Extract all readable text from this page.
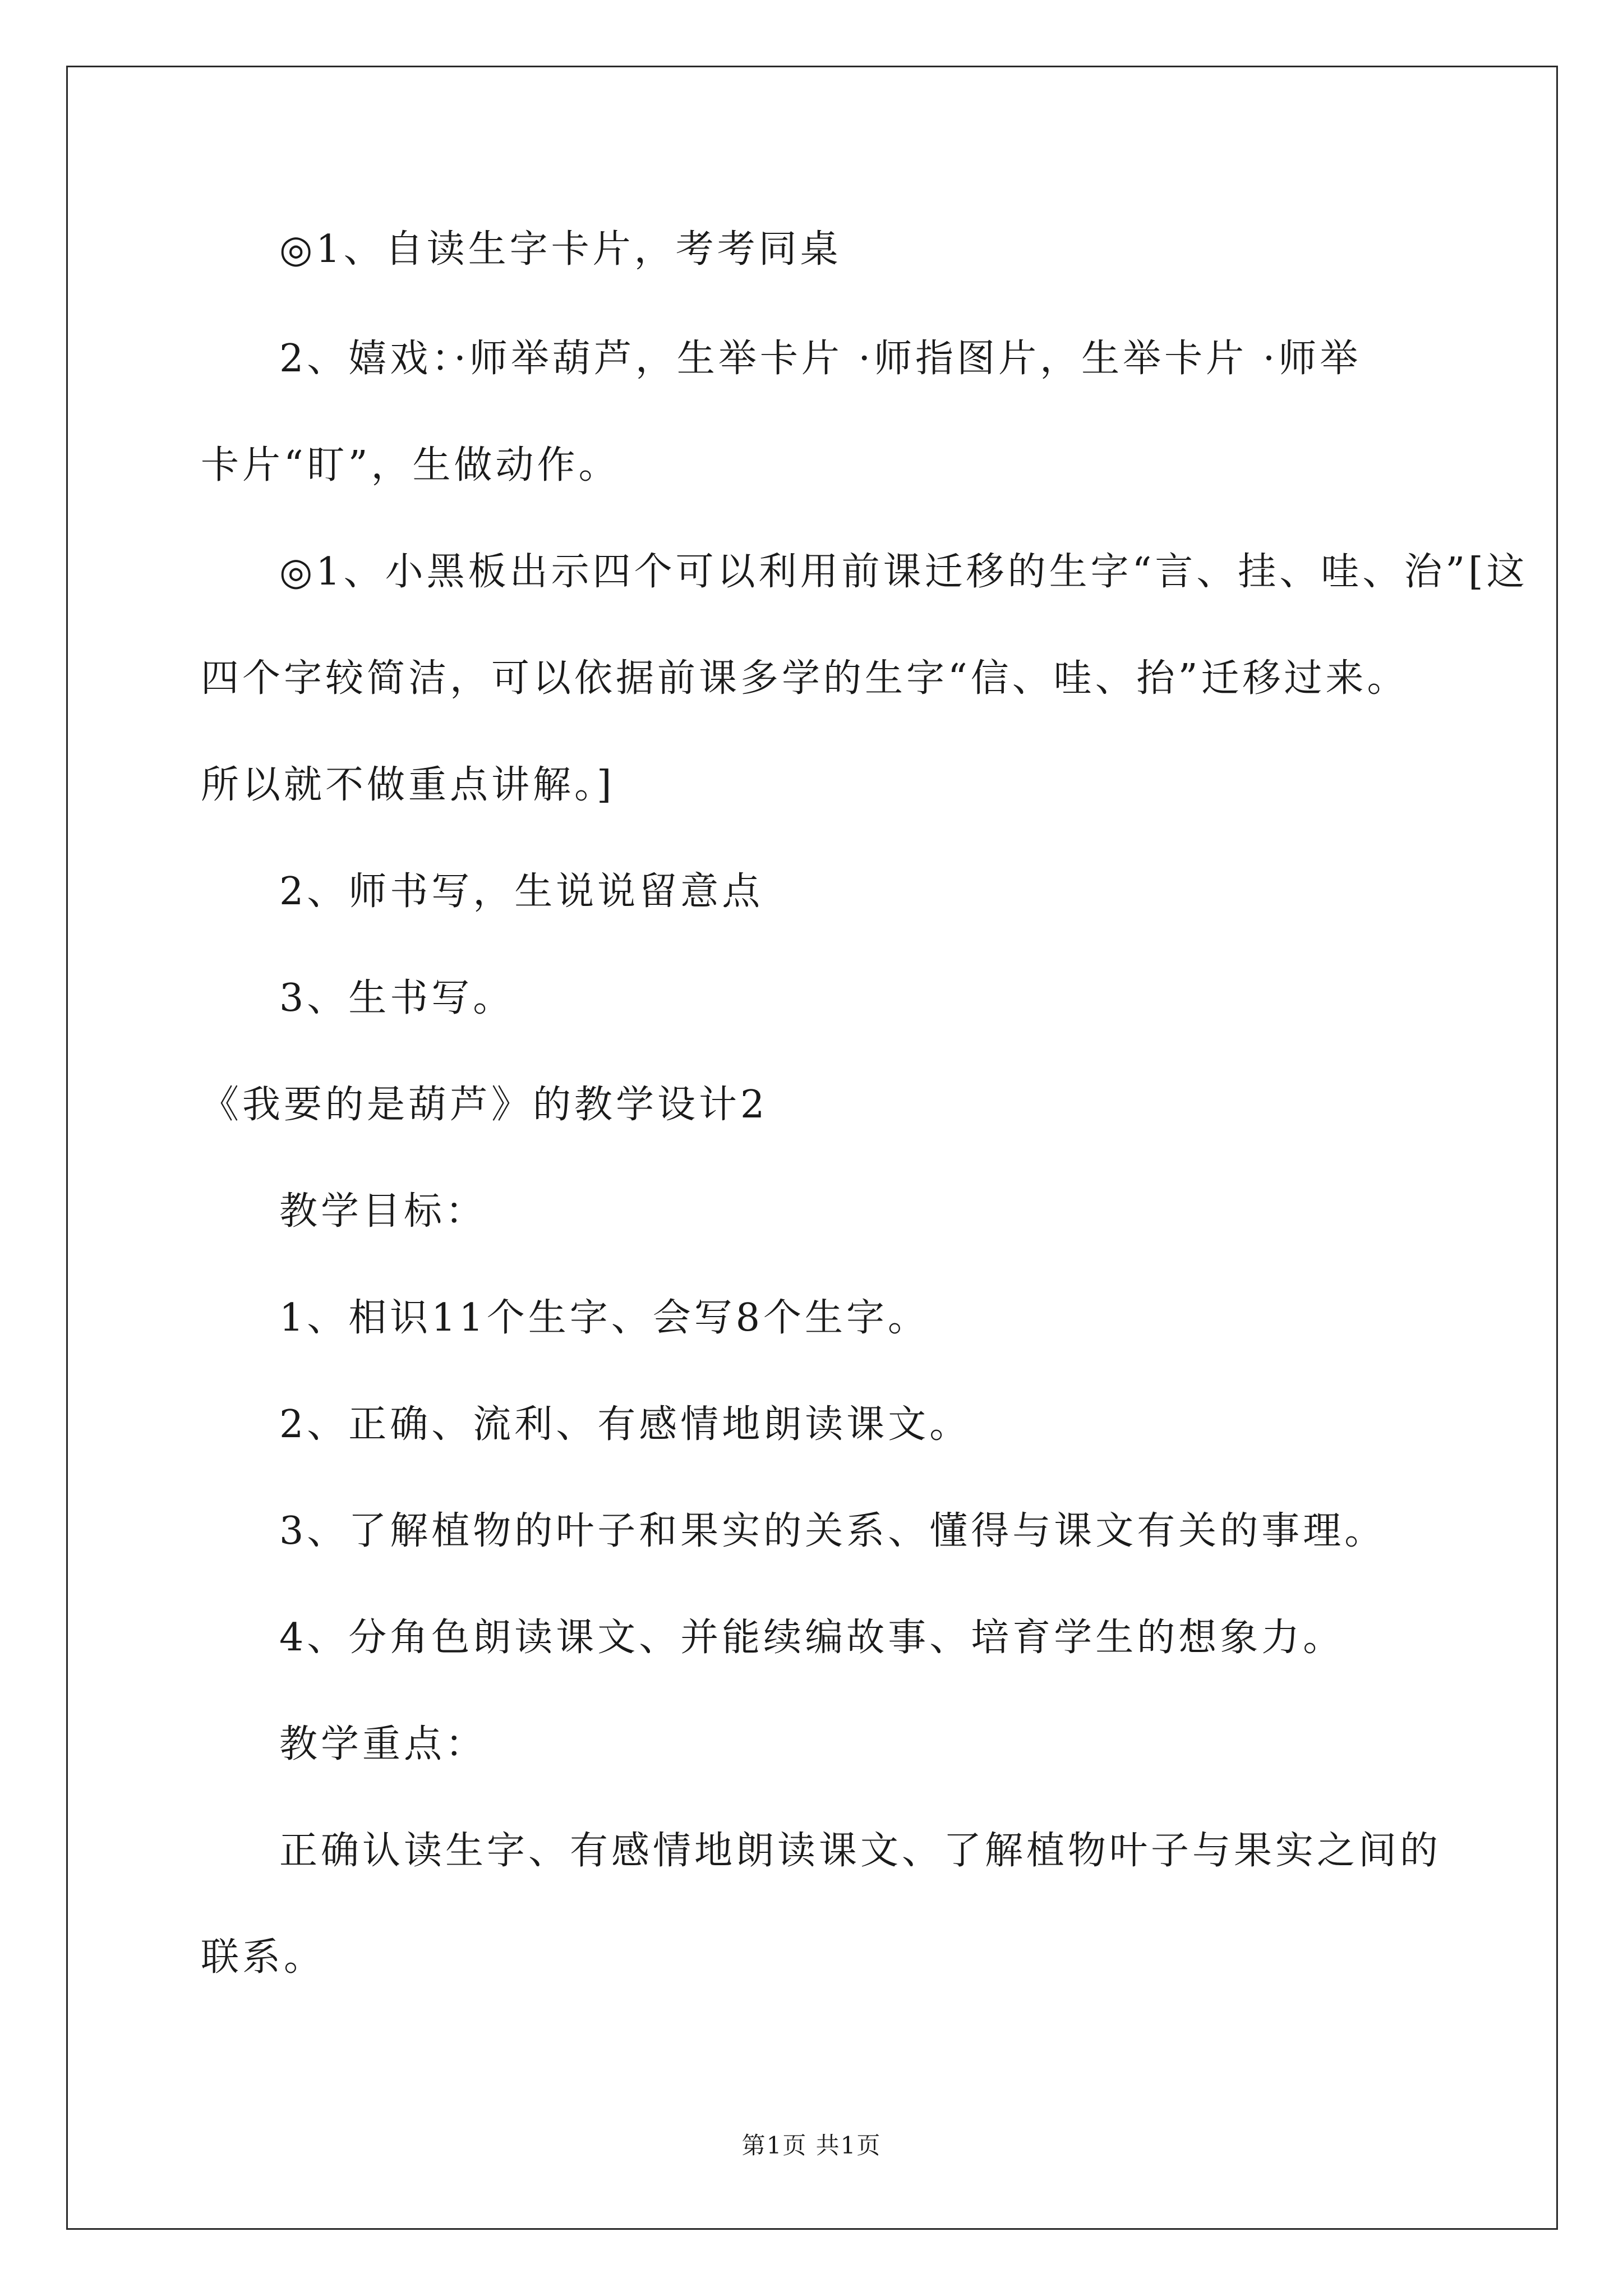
◎1、自读生字卡片，考考同桌
2、嬉戏：·师举葫芦，生举卡片 ·师指图片，生举卡片 ·师举
卡片“盯”，生做动作。
◎1、小黑板出示四个可以利用前课迁移的生字“言、挂、哇、治”[这
四个字较简洁，可以依据前课多学的生字“信、哇、抬”迁移过来。
所以就不做重点讲解。]
2、师书写，生说说留意点
3、生书写。
《我要的是葫芦》的教学设计2
教学目标：
1、相识11个生字、会写8个生字。
2、正确、流利、有感情地朗读课文。
3、了解植物的叶子和果实的关系、懂得与课文有关的事理。
4、分角色朗读课文、并能续编故事、培育学生的想象力。
教学重点：
正确认读生字、有感情地朗读课文、了解植物叶子与果实之间的
联系。
第1页 共1页
